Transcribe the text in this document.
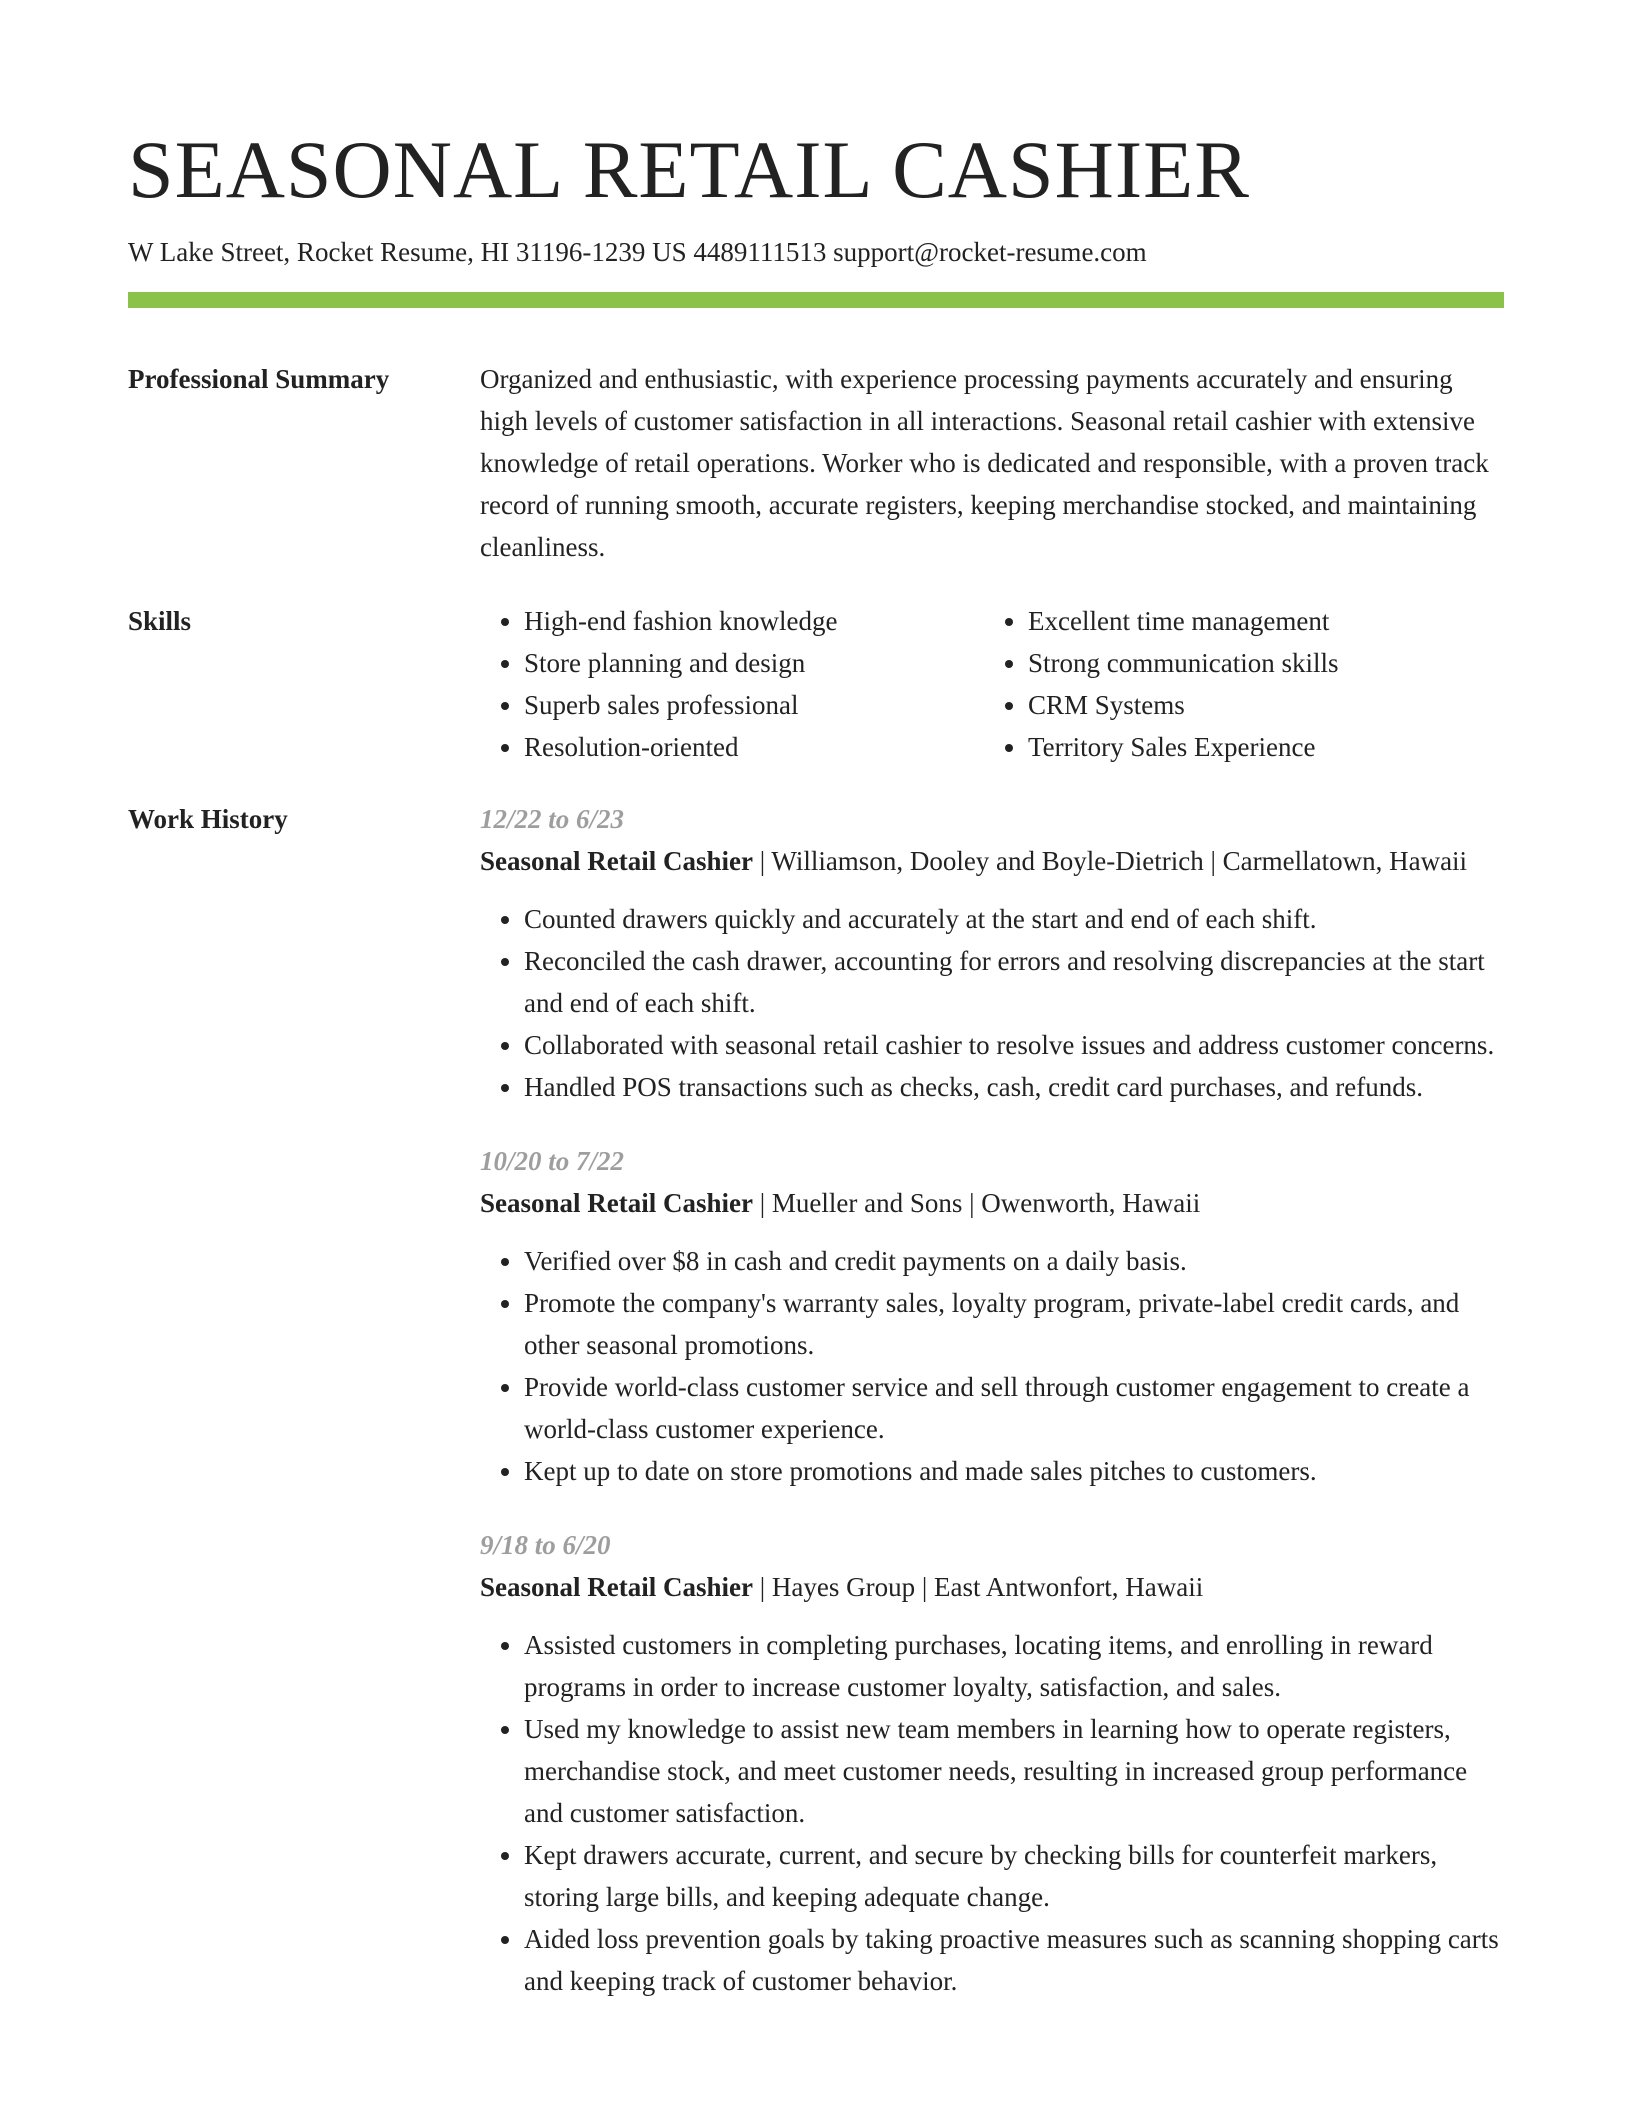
SEASONAL RETAIL CASHIER
W Lake Street, Rocket Resume, HI 31196-1239 US 4489111513 support@rocket-resume.com
Professional Summary	Organized and enthusiastic, with experience processing payments accurately and ensuring high levels of customer satisfaction in all interactions. Seasonal retail cashier with extensive knowledge of retail operations. Worker who is dedicated and responsible, with a proven track record of running smooth, accurate registers, keeping merchandise stocked, and maintaining cleanliness.
Skills
•	High-end fashion knowledge
• Store planning and design
• Superb sales professional
• Resolution-oriented
• Excellent time management
• Strong communication skills
• CRM Systems
• Territory Sales Experience
Work History	12/22 to 6/23
Seasonal Retail Cashier | Williamson, Dooley and Boyle-Dietrich | Carmellatown, Hawaii
• Counted drawers quickly and accurately at the start and end of each shift.
• Reconciled the cash drawer, accounting for errors and resolving discrepancies at the start and end of each shift.
• Collaborated with seasonal retail cashier to resolve issues and address customer concerns.
• Handled POS transactions such as checks, cash, credit card purchases, and refunds.
10/20 to 7/22
Seasonal Retail Cashier | Mueller and Sons | Owenworth, Hawaii
• Verified over $8 in cash and credit payments on a daily basis.
• Promote the company's warranty sales, loyalty program, private-label credit cards, and other seasonal promotions.
• Provide world-class customer service and sell through customer engagement to create a world-class customer experience.
• Kept up to date on store promotions and made sales pitches to customers.
9/18 to 6/20
Seasonal Retail Cashier | Hayes Group | East Antwonfort, Hawaii
• Assisted customers in completing purchases, locating items, and enrolling in reward programs in order to increase customer loyalty, satisfaction, and sales.
• Used my knowledge to assist new team members in learning how to operate registers, merchandise stock, and meet customer needs, resulting in increased group performance and customer satisfaction.
• Kept drawers accurate, current, and secure by checking bills for counterfeit markers, storing large bills, and keeping adequate change.
• Aided loss prevention goals by taking proactive measures such as scanning shopping carts and keeping track of customer behavior.
